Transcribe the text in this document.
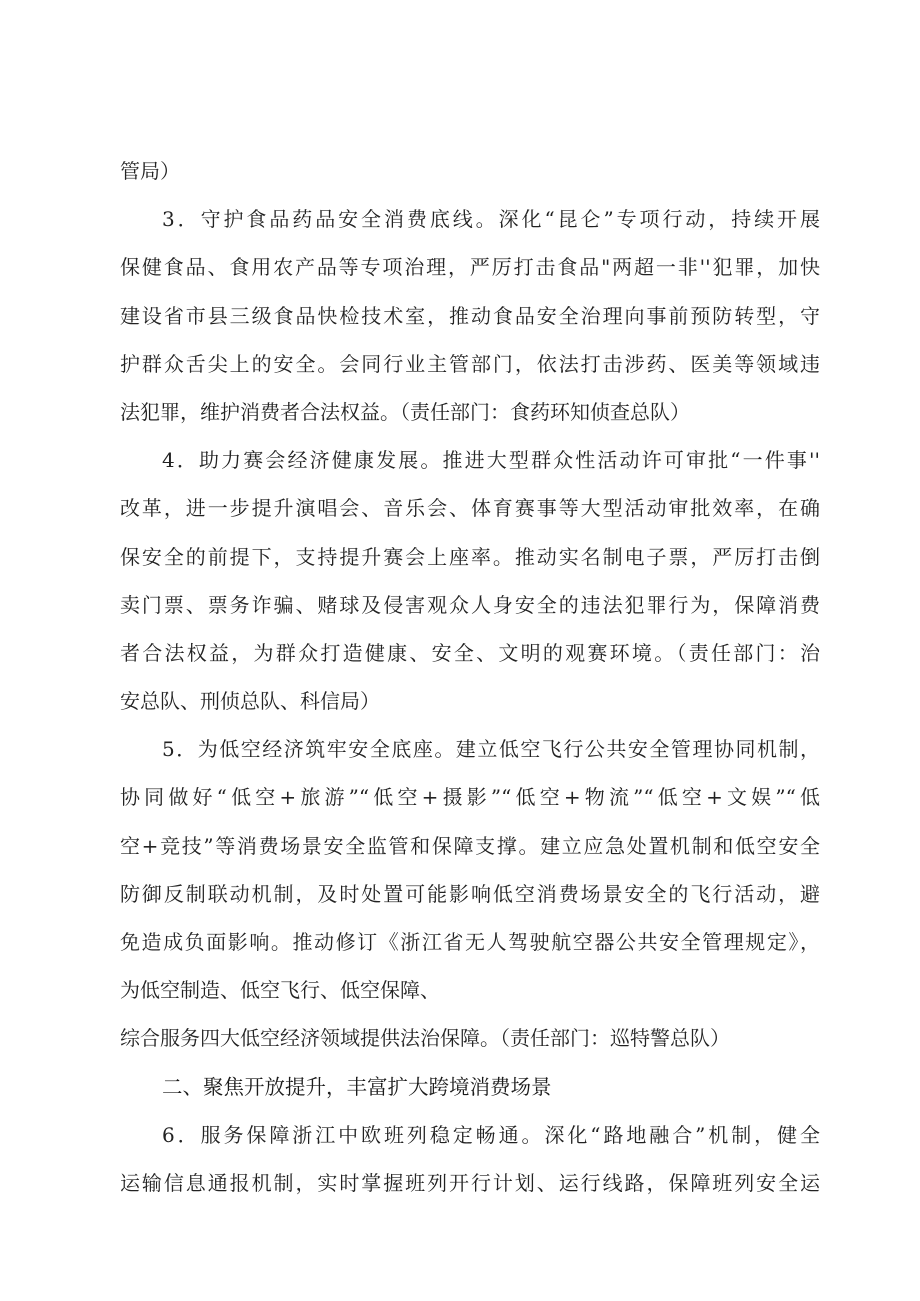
管局）
3．守护食品药品安全消费底线。深化“昆仑”专项行动，持续开展
保健食品、食用农产品等专项治理，严厉打击食品"两超一非''犯罪，加快
建设省市县三级食品快检技术室，推动食品安全治理向事前预防转型，守
护群众舌尖上的安全。会同行业主管部门，依法打击涉药、医美等领域违
法犯罪，维护消费者合法权益。（责任部门：食药环知侦查总队）
4．助力赛会经济健康发展。推进大型群众性活动许可审批“一件事''
改革，进一步提升演唱会、音乐会、体育赛事等大型活动审批效率，在确
保安全的前提下，支持提升赛会上座率。推动实名制电子票，严厉打击倒
卖门票、票务诈骗、赌球及侵害观众人身安全的违法犯罪行为，保障消费
者合法权益，为群众打造健康、安全、文明的观赛环境。（责任部门：治
安总队、刑侦总队、科信局）
5．为低空经济筑牢安全底座。建立低空飞行公共安全管理协同机制，
协同做好“低空+旅游”“低空+摄影”“低空+物流”“低空+文娱”“低
空+竞技”等消费场景安全监管和保障支撑。建立应急处置机制和低空安全
防御反制联动机制，及时处置可能影响低空消费场景安全的飞行活动，避
免造成负面影响。推动修订《浙江省无人驾驶航空器公共安全管理规定》，
为低空制造、低空飞行、低空保障、
综合服务四大低空经济领域提供法治保障。（责任部门：巡特警总队）
二、聚焦开放提升，丰富扩大跨境消费场景
6．服务保障浙江中欧班列稳定畅通。深化“路地融合”机制，健全
运输信息通报机制，实时掌握班列开行计划、运行线路，保障班列安全运
